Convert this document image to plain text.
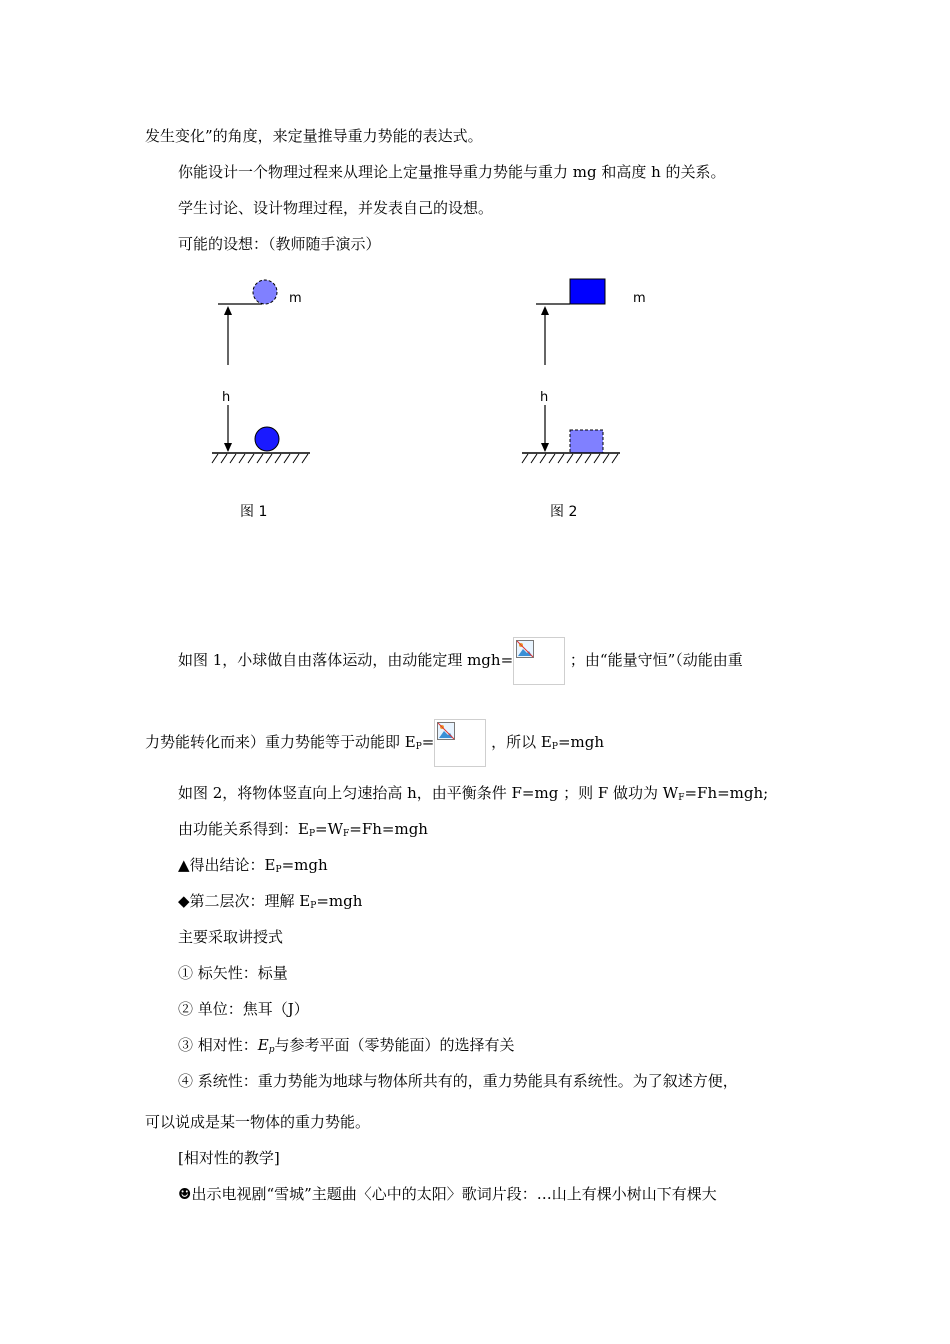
发生变化”的角度，来定量推导重力势能的表达式。
你能设计一个物理过程来从理论上定量推导重力势能与重力 mg 和高度 h 的关系。
学生讨论、设计物理过程，并发表自己的设想。
可能的设想：（教师随手演示）
m
h
图 1
m
h
图 2
如图 1，小球做自由落体运动，由动能定理 mgh=	；由“能量守恒”（动能由重
力势能转化而来）重力势能等于动能即 $E_P=$	，所以 $E_P=mgh$
如图 2，将物体竖直向上匀速抬高 h，由平衡条件 F=mg ；则 F 做功为 $W_F=Fh=mgh$;
由功能关系得到：$E_P=W_F=Fh=mgh$
▲得出结论：$E_P=mgh$
◆第二层次：理解 $E_P=mgh$
主要采取讲授式
① 标矢性：标量
② 单位：焦耳（J）
③ 相对性：$E_p$与参考平面（零势能面）的选择有关
④ 系统性：重力势能为地球与物体所共有的，重力势能具有系统性。为了叙述方便，
可以说成是某一物体的重力势能。
[相对性的教学]
☻出示电视剧“雪城”主题曲〈心中的太阳〉歌词片段：…山上有棵小树山下有棵大
